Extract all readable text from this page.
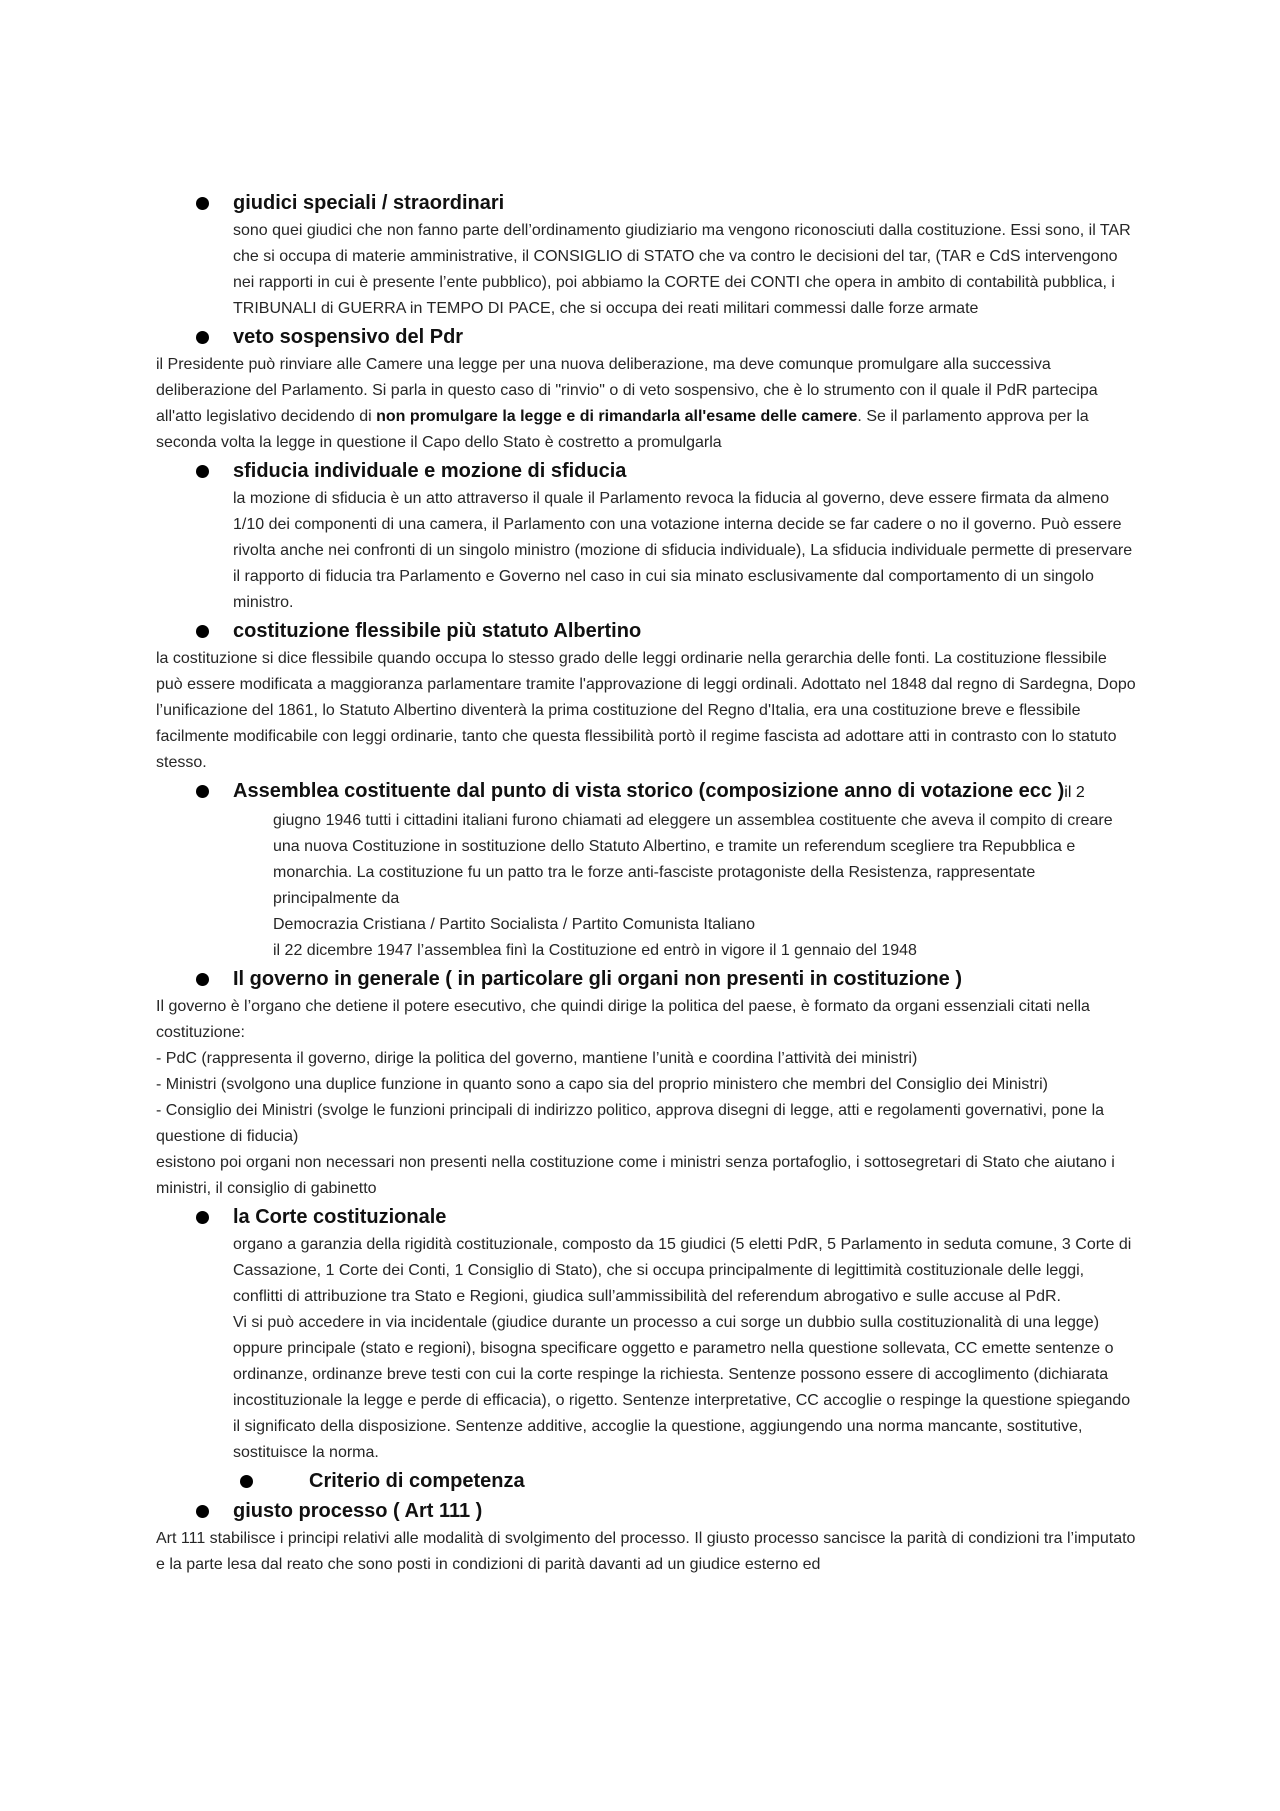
giudici speciali / straordinari
sono quei giudici che non fanno parte dell’ordinamento giudiziario ma vengono riconosciuti dalla costituzione. Essi sono, il TAR che si occupa di materie amministrative, il CONSIGLIO di STATO che va contro le decisioni del tar, (TAR e CdS intervengono nei rapporti in cui è presente l’ente pubblico), poi abbiamo la CORTE dei CONTI che opera in ambito di contabilità pubblica, i TRIBUNALI di GUERRA in TEMPO DI PACE, che si occupa dei reati militari commessi dalle forze armate
veto sospensivo del Pdr
il Presidente può rinviare alle Camere una legge per una nuova deliberazione, ma deve comunque promulgare alla successiva deliberazione del Parlamento. Si parla in questo caso di "rinvio" o di veto sospensivo, che è lo strumento con il quale il PdR partecipa all'atto legislativo decidendo di non promulgare la legge e di rimandarla all'esame delle camere. Se il parlamento approva per la seconda volta la legge in questione il Capo dello Stato è costretto a promulgarla
sfiducia individuale e mozione di sfiducia
la mozione di sfiducia è un atto attraverso il quale il Parlamento revoca la fiducia al governo, deve essere firmata da almeno 1/10 dei componenti di una camera, il Parlamento con una votazione interna decide se far cadere o no il governo. Può essere rivolta anche nei confronti di un singolo ministro (mozione di sfiducia individuale), La sfiducia individuale permette di preservare il rapporto di fiducia tra Parlamento e Governo nel caso in cui sia minato esclusivamente dal comportamento di un singolo ministro.
costituzione flessibile più statuto Albertino
la costituzione si dice flessibile quando occupa lo stesso grado delle leggi ordinarie nella gerarchia delle fonti. La costituzione flessibile può essere modificata a maggioranza parlamentare tramite l'approvazione di leggi ordinali. Adottato nel 1848 dal regno di Sardegna, Dopo l’unificazione del 1861, lo Statuto Albertino diventerà la prima costituzione del Regno d'Italia, era una costituzione breve e flessibile facilmente modificabile con leggi ordinarie, tanto che questa flessibilità portò il regime fascista ad adottare atti in contrasto con lo statuto stesso.
Assemblea costituente dal punto di vista storico (composizione anno di votazione ecc )il 2
giugno 1946 tutti i cittadini italiani furono chiamati ad eleggere un assemblea costituente che aveva il compito di creare una nuova Costituzione in sostituzione dello Statuto Albertino, e tramite un referendum scegliere tra Repubblica e monarchia. La costituzione fu un patto tra le forze anti-fasciste protagoniste della Resistenza, rappresentate principalmente da
Democrazia Cristiana / Partito Socialista / Partito Comunista Italiano
il 22 dicembre 1947 l’assemblea finì la Costituzione ed entrò in vigore il 1 gennaio del 1948
Il governo in generale ( in particolare gli organi non presenti in costituzione )
Il governo è l’organo che detiene il potere esecutivo, che quindi dirige la politica del paese, è formato da organi essenziali citati nella costituzione:
- PdC (rappresenta il governo, dirige la politica del governo, mantiene l’unità e coordina l’attività dei ministri)
- Ministri (svolgono una duplice funzione in quanto sono a capo sia del proprio ministero che membri del Consiglio dei Ministri)
- Consiglio dei Ministri (svolge le funzioni principali di indirizzo politico, approva disegni di legge, atti e regolamenti governativi, pone la questione di fiducia)
esistono poi organi non necessari non presenti nella costituzione come i ministri senza portafoglio, i sottosegretari di Stato che aiutano i ministri, il consiglio di gabinetto
la Corte costituzionale
organo a garanzia della rigidità costituzionale, composto da 15 giudici (5 eletti PdR, 5 Parlamento in seduta comune, 3 Corte di Cassazione, 1 Corte dei Conti, 1 Consiglio di Stato), che si occupa principalmente di legittimità costituzionale delle leggi, conflitti di attribuzione tra Stato e Regioni, giudica sull’ammissibilità del referendum abrogativo e sulle accuse al PdR.
Vi si può accedere in via incidentale (giudice durante un processo a cui sorge un dubbio sulla costituzionalità di una legge) oppure principale (stato e regioni), bisogna specificare oggetto e parametro nella questione sollevata, CC emette sentenze o ordinanze, ordinanze breve testi con cui la corte respinge la richiesta. Sentenze possono essere di accoglimento (dichiarata incostituzionale la legge e perde di efficacia), o rigetto. Sentenze interpretative, CC accoglie o respinge la questione spiegando il significato della disposizione. Sentenze additive, accoglie la questione, aggiungendo una norma mancante, sostitutive, sostituisce la norma.
Criterio di competenza
giusto processo ( Art 111 )
Art 111 stabilisce i principi relativi alle modalità di svolgimento del processo. Il giusto processo sancisce la parità di condizioni tra l’imputato e la parte lesa dal reato che sono posti in condizioni di parità davanti ad un giudice esterno ed
